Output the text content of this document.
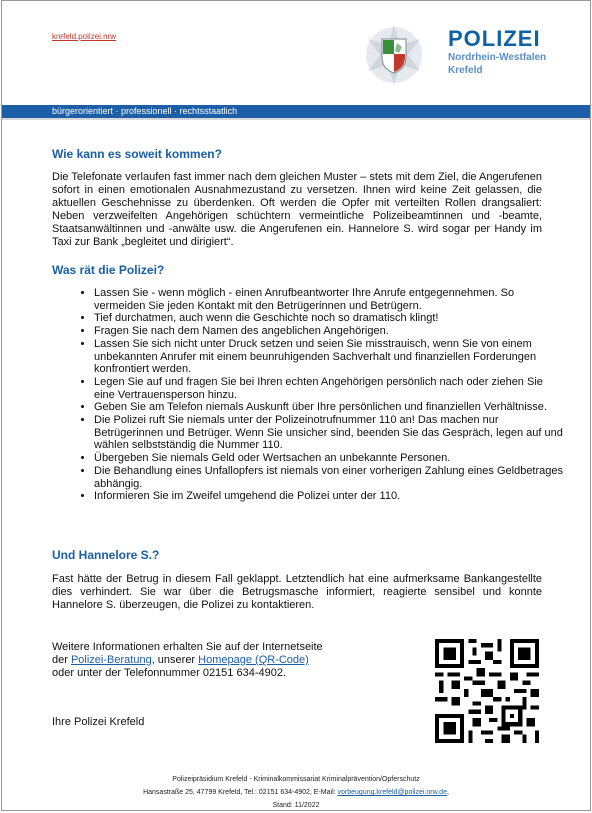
krefeld.polizei.nrw	POLIZEI
Nordrhein-Westfalen
Krefeld
bürgerorientiert · professionell · rechtsstaatlich
Wie kann es soweit kommen?

Die Telefonate verlaufen fast immer nach dem gleichen Muster – stets mit dem Ziel, die Angerufenen sofort in einen emotionalen Ausnahmezustand zu versetzen. Ihnen wird keine Zeit gelassen, die aktuellen Geschehnisse zu überdenken. Oft werden die Opfer mit verteilten Rollen drangsaliert: Neben verzweifelten Angehörigen schüchtern vermeintliche Polizeibeamtinnen und -beamte, Staatsanwältinnen und -anwälte usw. die Angerufenen ein. Hannelore S. wird sogar per Handy im Taxi zur Bank „begleitet und dirigiert“.

Was rät die Polizei?
• Lassen Sie - wenn möglich - einen Anrufbeantworter Ihre Anrufe entgegennehmen. So vermeiden Sie jeden Kontakt mit den Betrügerinnen und Betrügern.
• Tief durchatmen, auch wenn die Geschichte noch so dramatisch klingt!
• Fragen Sie nach dem Namen des angeblichen Angehörigen.
• Lassen Sie sich nicht unter Druck setzen und seien Sie misstrauisch, wenn Sie von einem unbekannten Anrufer mit einem beunruhigenden Sachverhalt und finanziellen Forderungen konfrontiert werden.
• Legen Sie auf und fragen Sie bei Ihren echten Angehörigen persönlich nach oder ziehen Sie eine Vertrauensperson hinzu.
• Geben Sie am Telefon niemals Auskunft über Ihre persönlichen und finanziellen Verhältnisse.
• Die Polizei ruft Sie niemals unter der Polizeinotrufnummer 110 an! Das machen nur Betrügerinnen und Betrüger. Wenn Sie unsicher sind, beenden Sie das Gespräch, legen auf und wählen selbstständig die Nummer 110.
• Übergeben Sie niemals Geld oder Wertsachen an unbekannte Personen.
• Die Behandlung eines Unfallopfers ist niemals von einer vorherigen Zahlung eines Geldbetrages abhängig.
• Informieren Sie im Zweifel umgehend die Polizei unter der 110.
Und Hannelore S.?

Fast hätte der Betrug in diesem Fall geklappt. Letztendlich hat eine aufmerksame Bankangestellte dies verhindert. Sie war über die Betrugsmasche informiert, reagierte sensibel und konnte Hannelore S. überzeugen, die Polizei zu kontaktieren.

Weitere Informationen erhalten Sie auf der Internetseite
der Polizei-Beratung, unserer Homepage (QR-Code)
oder unter der Telefonnummer 02151 634-4902.
Ihre Polizei Krefeld
Polizeipräsidium Krefeld - Kriminalkommissariat Kriminalprävention/Opferschutz
Hansastraße 25, 47799 Krefeld, Tel.: 02151 634-4902, E-Mail: vorbeugung.krefeld@polizei.nrw.de,
Stand: 11/2022
